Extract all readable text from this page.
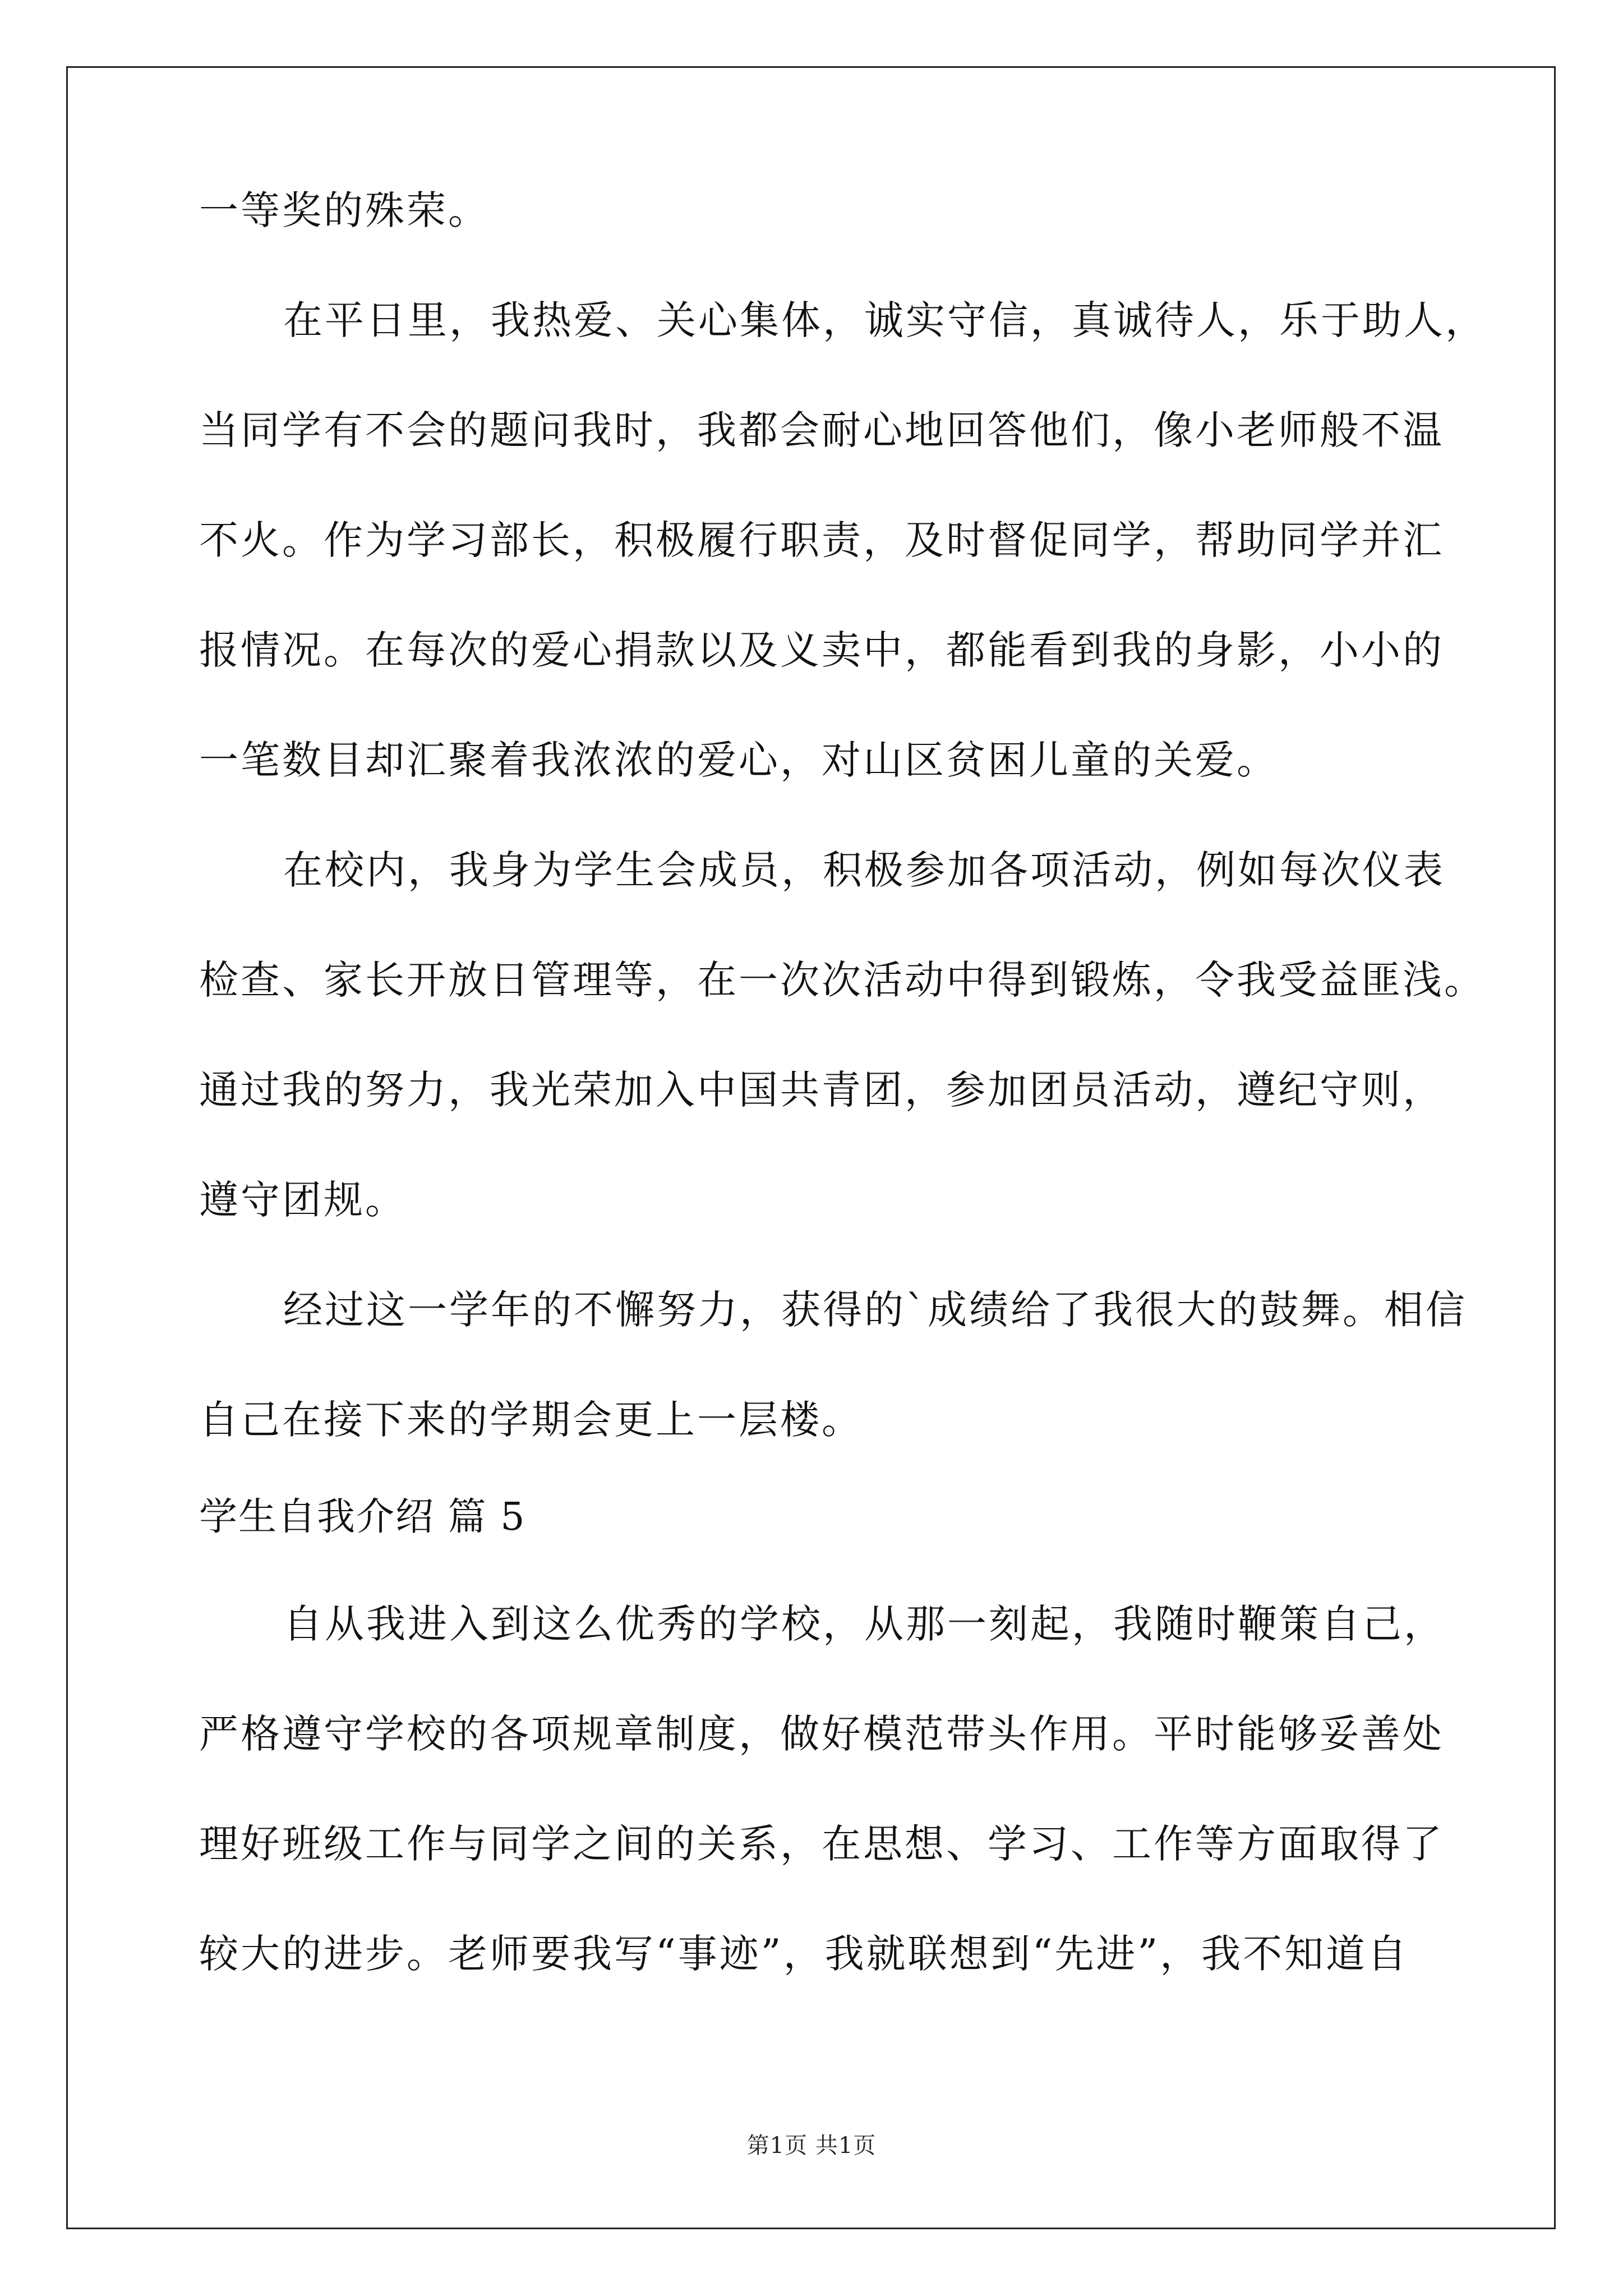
一等奖的殊荣。
在平日里，我热爱、关心集体，诚实守信，真诚待人，乐于助人，
当同学有不会的题问我时，我都会耐心地回答他们，像小老师般不温
不火。作为学习部长，积极履行职责，及时督促同学，帮助同学并汇
报情况。在每次的爱心捐款以及义卖中，都能看到我的身影，小小的
一笔数目却汇聚着我浓浓的爱心，对山区贫困儿童的关爱。
在校内，我身为学生会成员，积极参加各项活动，例如每次仪表
检查、家长开放日管理等，在一次次活动中得到锻炼，令我受益匪浅。
通过我的努力，我光荣加入中国共青团，参加团员活动，遵纪守则，
遵守团规。
经过这一学年的不懈努力，获得的`成绩给了我很大的鼓舞。相信
自己在接下来的学期会更上一层楼。
学生自我介绍 篇 5
自从我进入到这么优秀的学校，从那一刻起，我随时鞭策自己，
严格遵守学校的各项规章制度，做好模范带头作用。平时能够妥善处
理好班级工作与同学之间的关系，在思想、学习、工作等方面取得了
较大的进步。老师要我写“事迹”，我就联想到“先进”，我不知道自
第1页 共1页
